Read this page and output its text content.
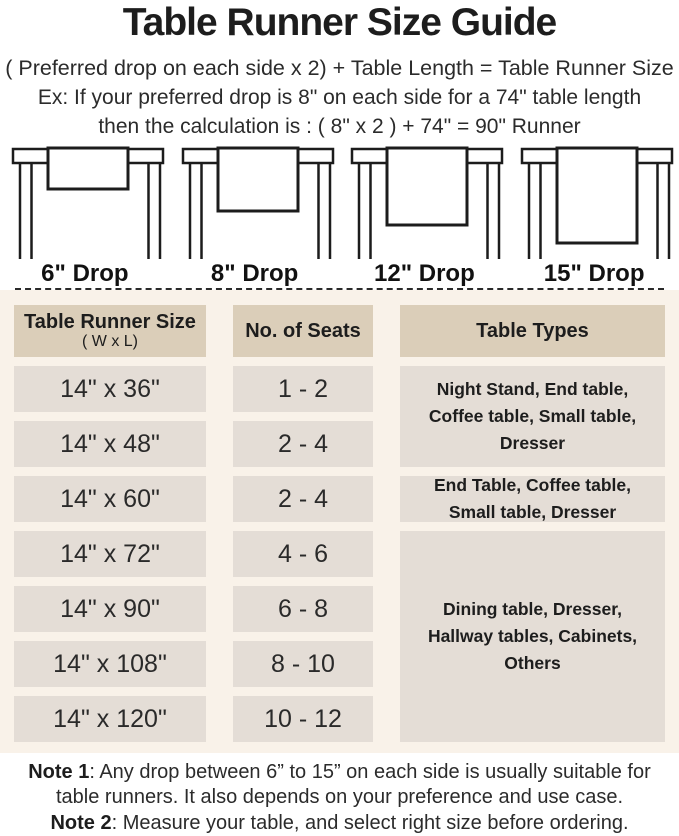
Table Runner Size Guide

( Preferred drop on each side x 2) + Table Length = Table Runner Size

Ex: If your preferred drop is 8" on each side for a 74" table length

then the calculation is : ( 8" x 2 ) + 74" = 90" Runner

6" Drop	8" Drop	12" Drop	15" Drop
Table Runner Size
( W x L)	No. of Seats	Table Types
14" x 36"	1 - 2	Night Stand, End table, Coffee table, Small table, Dresser
14" x 48"	2 - 4
14" x 60"	2 - 4	End Table, Coffee table, Small table, Dresser
14" x 72"	4 - 6
Dining table, Dresser, Hallway tables, Cabinets, Others
14" x 90"	6 - 8
14" x 108"	8 - 10
14" x 120"	10 - 12

Note 1: Any drop between 6” to 15” on each side is usually suitable for table runners. It also depends on your preference and use case.

Note 2: Measure your table, and select right size before ordering.
